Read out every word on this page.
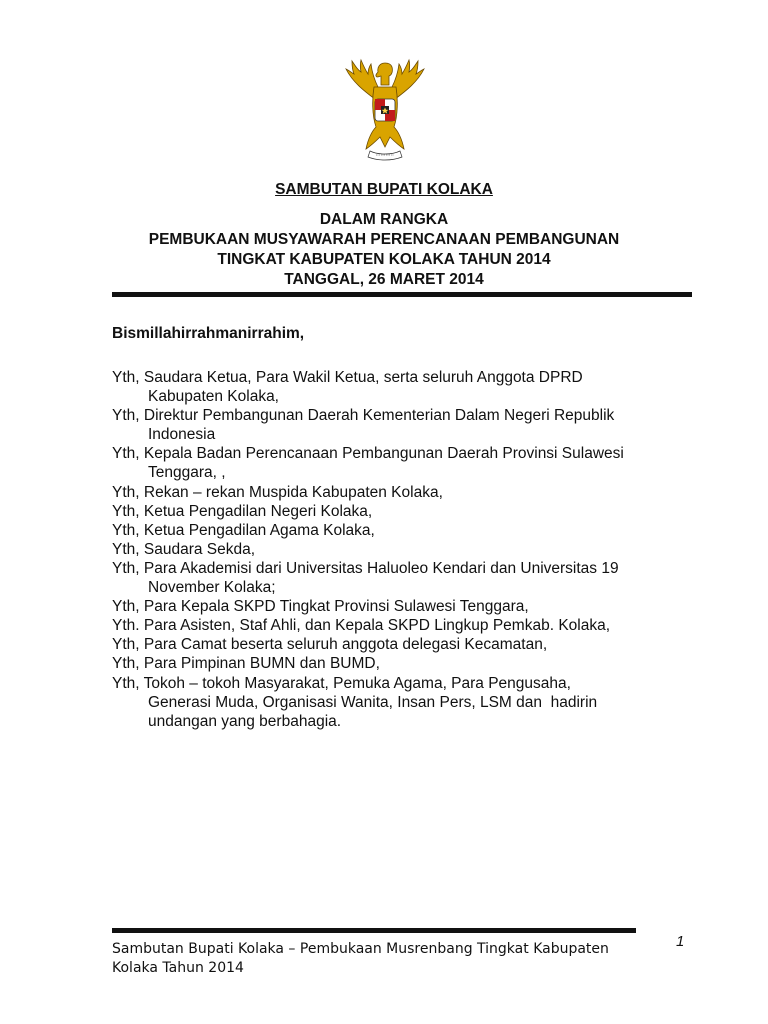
SAMBUTAN BUPATI KOLAKA
DALAM RANGKA
PEMBUKAAN MUSYAWARAH PERENCANAAN PEMBANGUNAN
TINGKAT KABUPATEN KOLAKA TAHUN 2014
TANGGAL, 26 MARET 2014
Bismillahirrahmanirrahim,
Yth, Saudara Ketua, Para Wakil Ketua, serta seluruh Anggota DPRD
Kabupaten Kolaka,
Yth, Direktur Pembangunan Daerah Kementerian Dalam Negeri Republik
Indonesia
Yth, Kepala Badan Perencanaan Pembangunan Daerah Provinsi Sulawesi
Tenggara, ,
Yth, Rekan – rekan Muspida Kabupaten Kolaka,
Yth, Ketua Pengadilan Negeri Kolaka,
Yth, Ketua Pengadilan Agama Kolaka,
Yth, Saudara Sekda,
Yth, Para Akademisi dari Universitas Haluoleo Kendari dan Universitas 19
November Kolaka;
Yth, Para Kepala SKPD Tingkat Provinsi Sulawesi Tenggara,
Yth. Para Asisten, Staf Ahli, dan Kepala SKPD Lingkup Pemkab. Kolaka,
Yth, Para Camat beserta seluruh anggota delegasi Kecamatan,
Yth, Para Pimpinan BUMN dan BUMD,
Yth, Tokoh – tokoh Masyarakat, Pemuka Agama, Para Pengusaha,
Generasi Muda, Organisasi Wanita, Insan Pers, LSM dan  hadirin
undangan yang berbahagia.
Sambutan Bupati Kolaka – Pembukaan Musrenbang Tingkat Kabupaten Kolaka Tahun 2014
1
